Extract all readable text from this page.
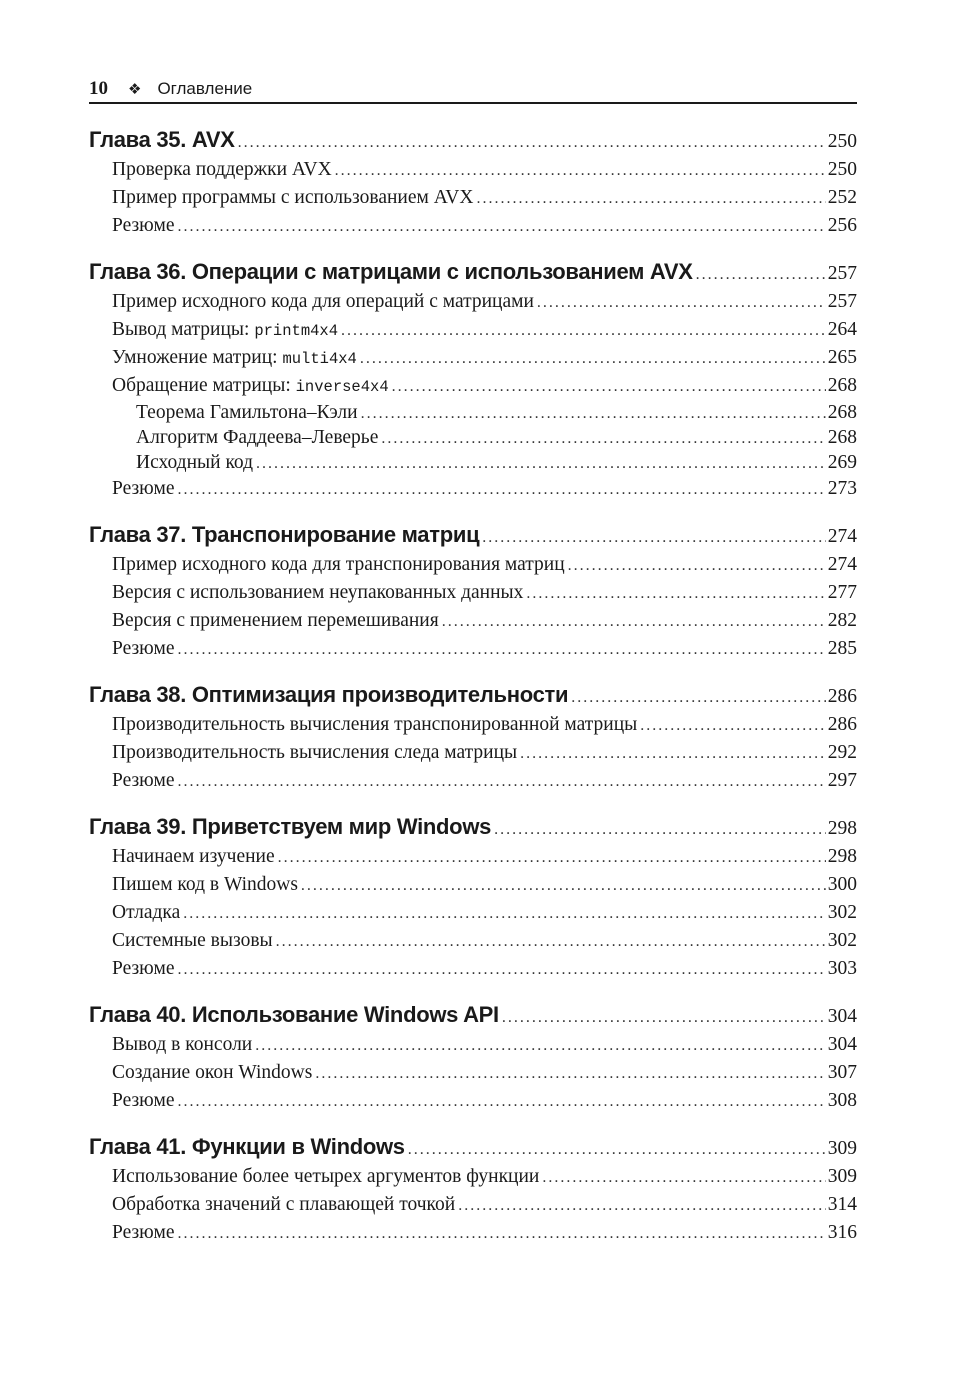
10 ❖ Оглавление
Глава 35. AVX .....	250
Проверка поддержки AVX .....	250
Пример программы с использованием AVX .....	252
Резюме .....	256
Глава 36. Операции с матрицами с использованием AVX .....	257
Пример исходного кода для операций с матрицами .....	257
Вывод матрицы: printm4x4 .....	264
Умножение матриц: multi4x4 .....	265
Обращение матрицы: inverse4x4 .....	268
Теорема Гамильтона–Кэли .....	268
Алгоритм Фаддеева–Леверье .....	268
Исходный код .....	269
Резюме .....	273
Глава 37. Транспонирование матриц .....	274
Пример исходного кода для транспонирования матриц .....	274
Версия с использованием неупакованных данных .....	277
Версия с применением перемешивания .....	282
Резюме .....	285
Глава 38. Оптимизация производительности .....	286
Производительность вычисления транспонированной матрицы .....	286
Производительность вычисления следа матрицы .....	292
Резюме .....	297
Глава 39. Приветствуем мир Windows .....	298
Начинаем изучение .....	298
Пишем код в Windows .....	300
Отладка .....	302
Системные вызовы .....	302
Резюме .....	303
Глава 40. Использование Windows API .....	304
Вывод в консоли .....	304
Создание окон Windows .....	307
Резюме .....	308
Глава 41. Функции в Windows .....	309
Использование более четырех аргументов функции .....	309
Обработка значений с плавающей точкой .....	314
Резюме .....	316
